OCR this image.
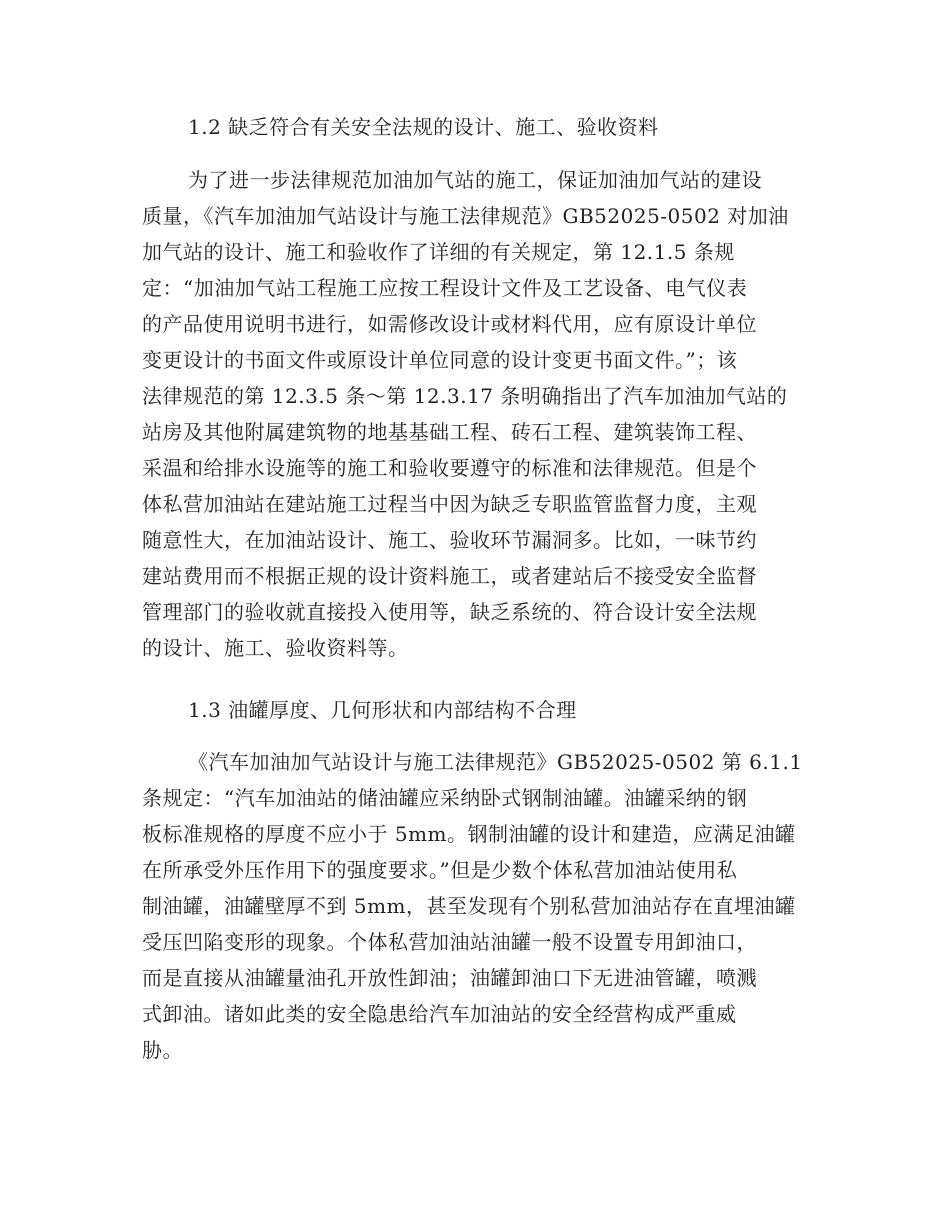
1.2 缺乏符合有关安全法规的设计、施工、验收资料
为了进一步法律规范加油加气站的施工，保证加油加气站的建设
质量，《汽车加油加气站设计与施工法律规范》GB52025-0502 对加油
加气站的设计、施工和验收作了详细的有关规定，第 12.1.5 条规
定：“加油加气站工程施工应按工程设计文件及工艺设备、电气仪表
的产品使用说明书进行，如需修改设计或材料代用，应有原设计单位
变更设计的书面文件或原设计单位同意的设计变更书面文件。”；该
法律规范的第 12.3.5 条～第 12.3.17 条明确指出了汽车加油加气站的
站房及其他附属建筑物的地基基础工程、砖石工程、建筑装饰工程、
采温和给排水设施等的施工和验收要遵守的标准和法律规范。但是个
体私营加油站在建站施工过程当中因为缺乏专职监管监督力度，主观
随意性大，在加油站设计、施工、验收环节漏洞多。比如，一味节约
建站费用而不根据正规的设计资料施工，或者建站后不接受安全监督
管理部门的验收就直接投入使用等，缺乏系统的、符合设计安全法规
的设计、施工、验收资料等。
1.3 油罐厚度、几何形状和内部结构不合理
《汽车加油加气站设计与施工法律规范》GB52025-0502 第 6.1.1
条规定：“汽车加油站的储油罐应采纳卧式钢制油罐。油罐采纳的钢
板标准规格的厚度不应小于 5mm。钢制油罐的设计和建造，应满足油罐
在所承受外压作用下的强度要求。”但是少数个体私营加油站使用私
制油罐，油罐壁厚不到 5mm，甚至发现有个别私营加油站存在直埋油罐
受压凹陷变形的现象。个体私营加油站油罐一般不设置专用卸油口，
而是直接从油罐量油孔开放性卸油；油罐卸油口下无进油管罐，喷溅
式卸油。诸如此类的安全隐患给汽车加油站的安全经营构成严重威
胁。
